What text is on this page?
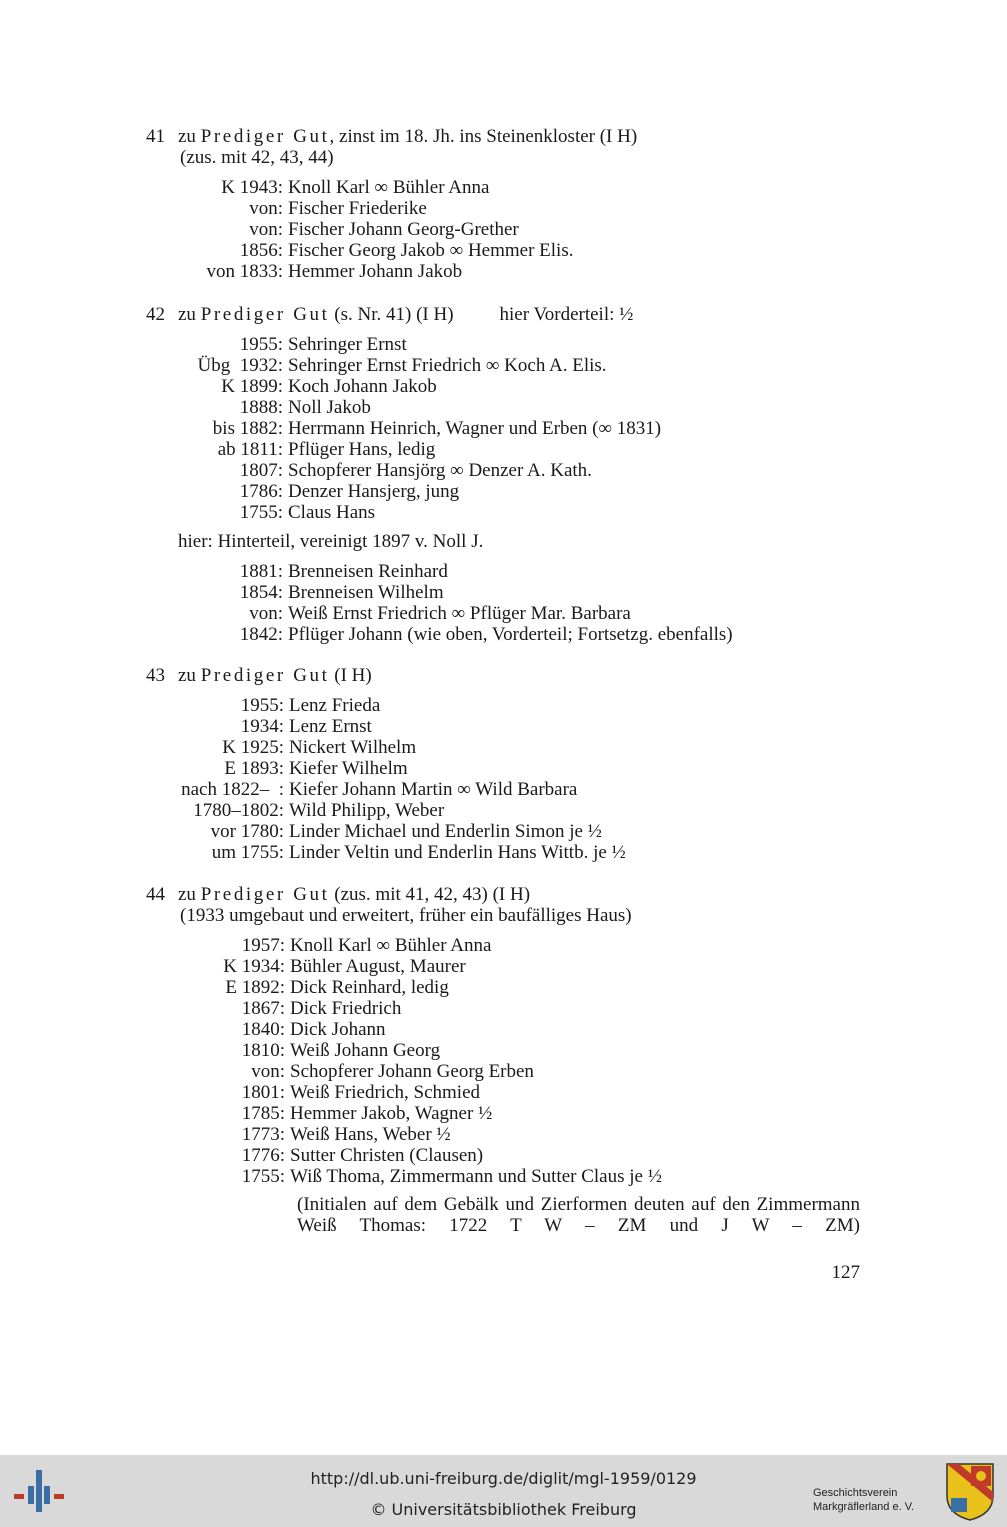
41 zu Prediger Gut, zinst im 18. Jh. ins Steinenkloster (I H)
(zus. mit 42, 43, 44)
K 1943: Knoll Karl ∞ Bühler Anna
von: Fischer Friederike
von: Fischer Johann Georg-Grether
1856: Fischer Georg Jakob ∞ Hemmer Elis.
von 1833: Hemmer Johann Jakob
42 zu Prediger Gut (s. Nr. 41) (I H) hier Vorderteil: ½
1955: Sehringer Ernst
Übg  1932: Sehringer Ernst Friedrich ∞ Koch A. Elis.
K 1899: Koch Johann Jakob
1888: Noll Jakob
bis 1882: Herrmann Heinrich, Wagner und Erben (∞ 1831)
ab 1811: Pflüger Hans, ledig
1807: Schopferer Hansjörg ∞ Denzer A. Kath.
1786: Denzer Hansjerg, jung
1755: Claus Hans
hier: Hinterteil, vereinigt 1897 v. Noll J.
1881: Brenneisen Reinhard
1854: Brenneisen Wilhelm
von: Weiß Ernst Friedrich ∞ Pflüger Mar. Barbara
1842: Pflüger Johann (wie oben, Vorderteil; Fortsetzg. ebenfalls)
43 zu Prediger Gut (I H)
1955: Lenz Frieda
1934: Lenz Ernst
K 1925: Nickert Wilhelm
E 1893: Kiefer Wilhelm
nach 1822–  : Kiefer Johann Martin ∞ Wild Barbara
1780–1802: Wild Philipp, Weber
vor 1780: Linder Michael und Enderlin Simon je ½
um 1755: Linder Veltin und Enderlin Hans Wittb. je ½
44 zu Prediger Gut (zus. mit 41, 42, 43) (I H)
(1933 umgebaut und erweitert, früher ein baufälliges Haus)
1957: Knoll Karl ∞ Bühler Anna
K 1934: Bühler August, Maurer
E 1892: Dick Reinhard, ledig
1867: Dick Friedrich
1840: Dick Johann
1810: Weiß Johann Georg
von: Schopferer Johann Georg Erben
1801: Weiß Friedrich, Schmied
1785: Hemmer Jakob, Wagner ½
1773: Weiß Hans, Weber ½
1776: Sutter Christen (Clausen)
1755: Wiß Thoma, Zimmermann und Sutter Claus je ½
(Initialen auf dem Gebälk und Zierformen deuten auf den Zimmermann Weiß Thomas: 1722 T W – ZM und J W – ZM)
127
http://dl.ub.uni-freiburg.de/diglit/mgl-1959/0129
© Universitätsbibliothek Freiburg
Geschichtsverein
Markgräflerland e. V.
